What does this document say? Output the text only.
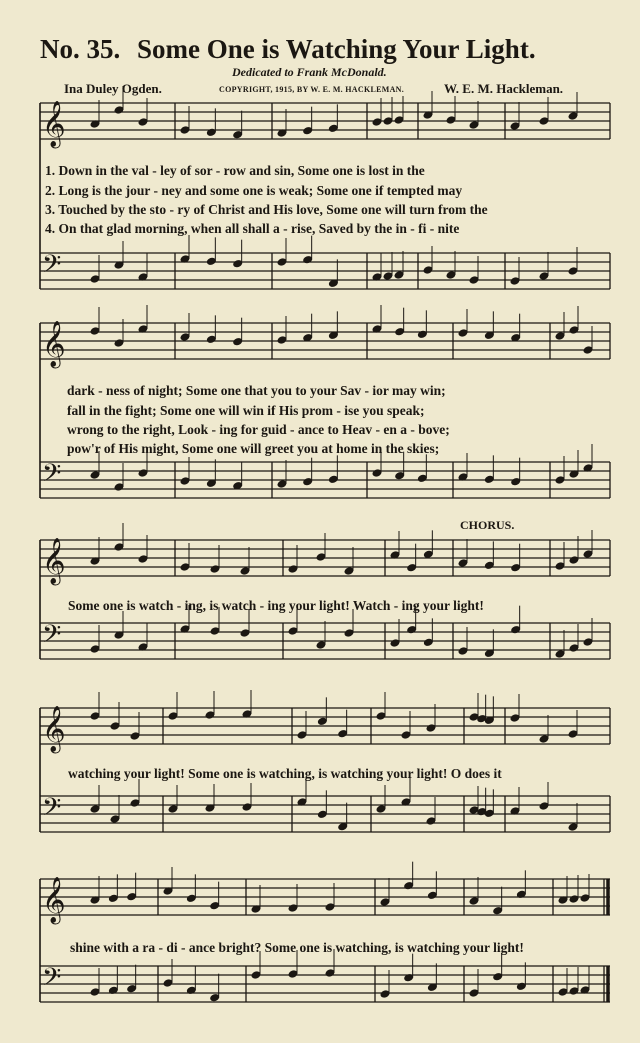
No. 35. Some One is Watching Your Light.
Dedicated to Frank McDonald.
Ina Duley Ogden.	COPYRIGHT, 1915, BY W. E. M. HACKLEMAN.	W. E. M. Hackleman.
𝄞
𝄢
𝄞
𝄢
𝄞
𝄢
𝄞
𝄢
𝄞
𝄢
1. Down in the val - ley of sor - row and sin, Some one is lost in the
2. Long is the jour - ney and some one is weak; Some one if tempted may
3. Touched by the sto - ry of Christ and His love, Some one will turn from the
4. On that glad morning, when all shall a - rise, Saved by the in - fi - nite
dark - ness of night; Some one that you to your Sav - ior may win;
fall in the fight; Some one will win if His prom - ise you speak;
wrong to the right, Look - ing for guid - ance to Heav - en a - bove;
pow'r of His might, Some one will greet you at home in the skies;
CHORUS.
Some one is watch - ing, is watch - ing your light! Watch - ing your light!
watching your light! Some one is watching, is watching your light! O does it
shine with a ra - di - ance bright? Some one is watching, is watching your light!
